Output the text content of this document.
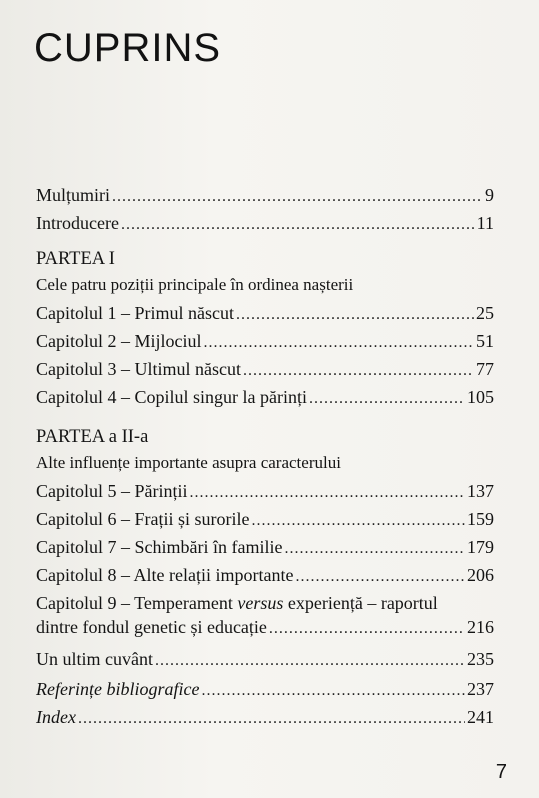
CUPRINS
Mulțumiri .....	9
Introducere .....	11
PARTEA I
Cele patru poziții principale în ordinea nașterii
Capitolul 1 – Primul născut .....	25
Capitolul 2 – Mijlociul .....	51
Capitolul 3 – Ultimul născut .....	77
Capitolul 4 – Copilul singur la părinți .....	105
PARTEA a II-a
Alte influențe importante asupra caracterului
Capitolul 5 – Părinții .....	137
Capitolul 6 – Frații și surorile .....	159
Capitolul 7 – Schimbări în familie .....	179
Capitolul 8 – Alte relații importante .....	206
Capitolul 9 – Temperament versus experiență – raportul
dintre fondul genetic și educație .....	216
Un ultim cuvânt .....	235
Referințe bibliografice .....	237
Index .....	241
7
